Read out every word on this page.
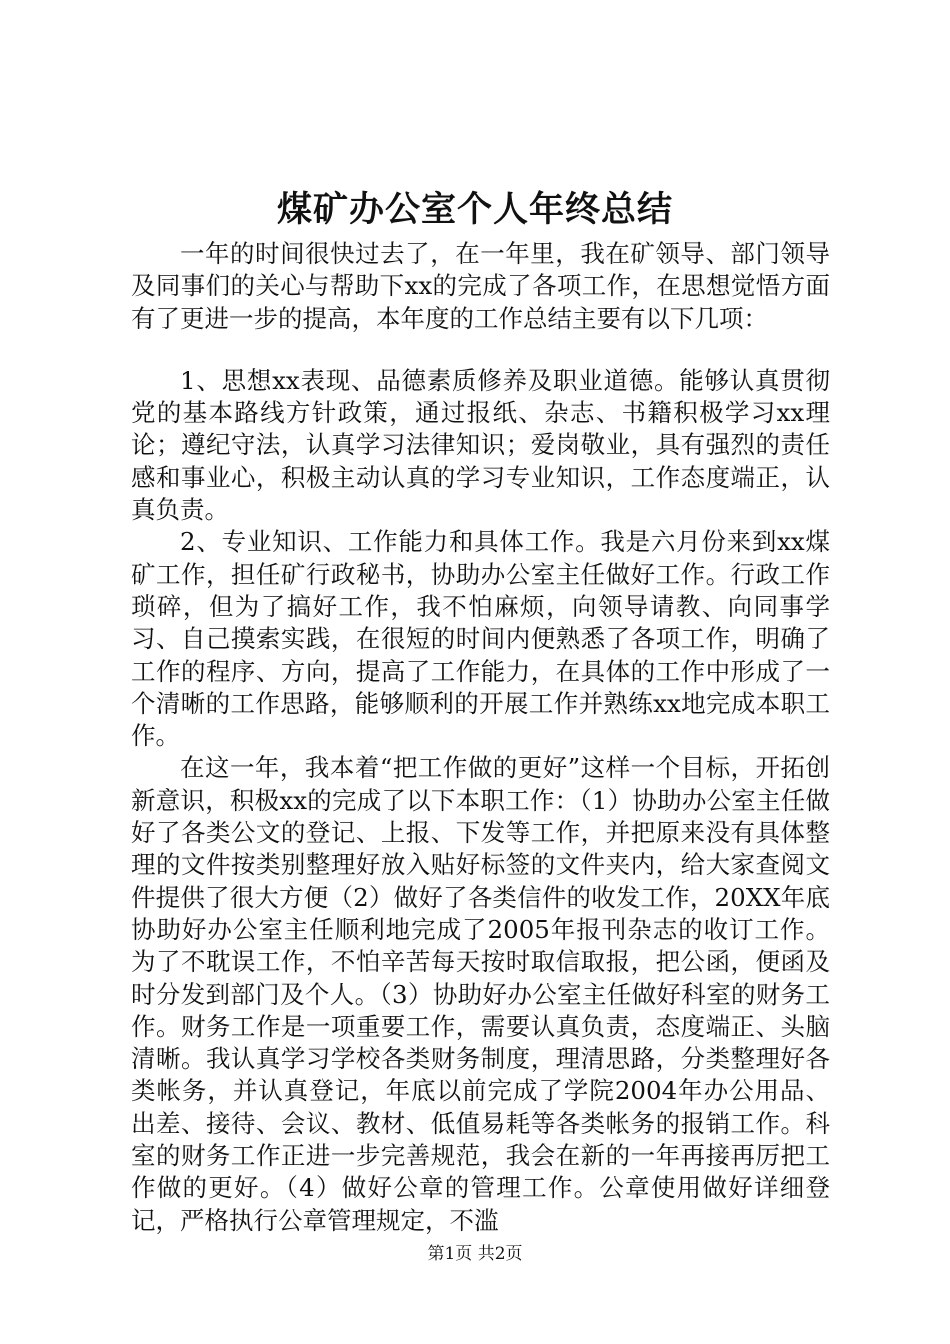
煤矿办公室个人年终总结

一年的时间很快过去了，在一年里，我在矿领导、部门领导及同事们的关心与帮助下xx的完成了各项工作，在思想觉悟方面有了更进一步的提高，本年度的工作总结主要有以下几项：

1、思想xx表现、品德素质修养及职业道德。能够认真贯彻党的基本路线方针政策，通过报纸、杂志、书籍积极学习xx理论；遵纪守法，认真学习法律知识；爱岗敬业，具有强烈的责任感和事业心，积极主动认真的学习专业知识，工作态度端正，认真负责。

2、专业知识、工作能力和具体工作。我是六月份来到xx煤矿工作，担任矿行政秘书，协助办公室主任做好工作。行政工作琐碎，但为了搞好工作，我不怕麻烦，向领导请教、向同事学习、自己摸索实践，在很短的时间内便熟悉了各项工作，明确了工作的程序、方向，提高了工作能力，在具体的工作中形成了一个清晰的工作思路，能够顺利的开展工作并熟练xx地完成本职工作。

在这一年，我本着“把工作做的更好”这样一个目标，开拓创新意识，积极xx的完成了以下本职工作：（1）协助办公室主任做好了各类公文的登记、上报、下发等工作，并把原来没有具体整理的文件按类别整理好放入贴好标签的文件夹内，给大家查阅文件提供了很大方便（2）做好了各类信件的收发工作，20XX年底协助好办公室主任顺利地完成了2005年报刊杂志的收订工作。为了不耽误工作，不怕辛苦每天按时取信取报，把公函，便函及时分发到部门及个人。（3）协助好办公室主任做好科室的财务工作。财务工作是一项重要工作，需要认真负责，态度端正、头脑清晰。我认真学习学校各类财务制度，理清思路，分类整理好各类帐务，并认真登记，年底以前完成了学院2004年办公用品、出差、接待、会议、教材、低值易耗等各类帐务的报销工作。科室的财务工作正进一步完善规范，我会在新的一年再接再厉把工作做的更好。（4）做好公章的管理工作。公章使用做好详细登记，严格执行公章管理规定，不滥

第1页 共2页
